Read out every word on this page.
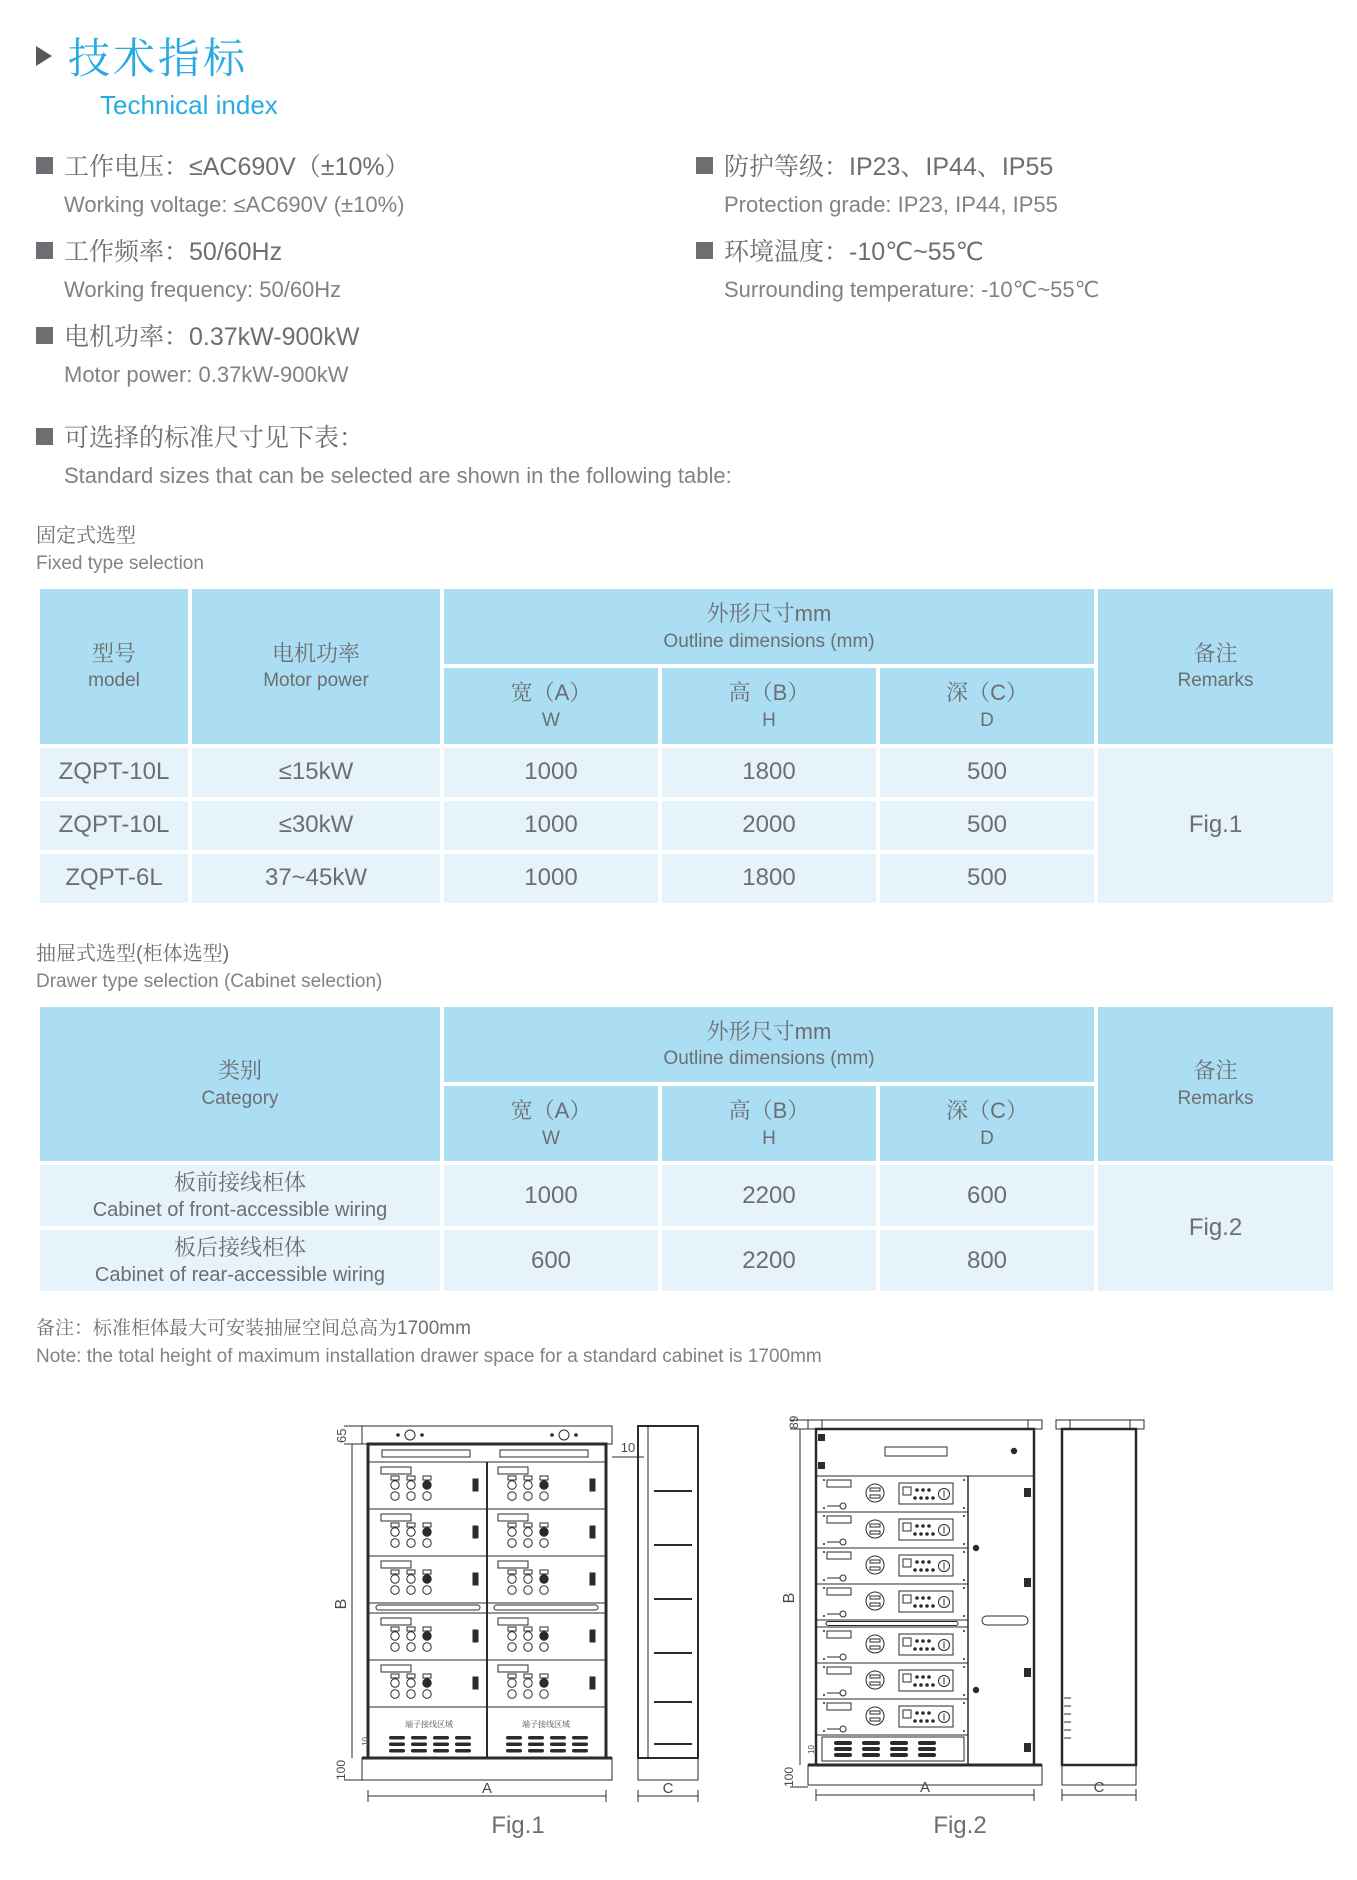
技术指标
Technical index
工作电压：≤AC690V（±10%）
Working voltage: ≤AC690V (±10%)
工作频率：50/60Hz
Working frequency: 50/60Hz
电机功率：0.37kW-900kW
Motor power: 0.37kW-900kW
防护等级：IP23、IP44、IP55
Protection grade: IP23, IP44, IP55
环境温度：-10℃~55℃
Surrounding temperature: -10℃~55℃
可选择的标准尺寸见下表：
Standard sizes that can be selected are shown in the following table:
固定式选型
Fixed type selection
型号
model

电机功率
Motor power

外形尺寸mm
Outline dimensions (mm)	备注
Remarks

宽（A）
W

高（B）
H

深（C）
D

ZQPT-10L	≤15kW	1000	1800	500	Fig.1
ZQPT-10L	≤30kW	1000	2000	500	
ZQPT-6L	37~45kW	1000	1800	500	
抽屉式选型(柜体选型)
Drawer type selection (Cabinet selection)
类别
Category

外形尺寸mm
Outline dimensions (mm)	备注
Remarks

宽（A）
W

高（B）
H

深（C）
D

板前接线柜体
Cabinet of front-accessible wiring	1000	2200	600	Fig.2

板后接线柜体
Cabinet of rear-accessible wiring	600	2200	800	
备注：标准柜体最大可安装抽屉空间总高为1700mm
Note: the total height of maximum installation drawer space for a standard cabinet is 1700mm
端子接线区域	端子接线区域
65
B
10
100
10
A	C
Fig.1
89
B
10
100
A	C
Fig.2
